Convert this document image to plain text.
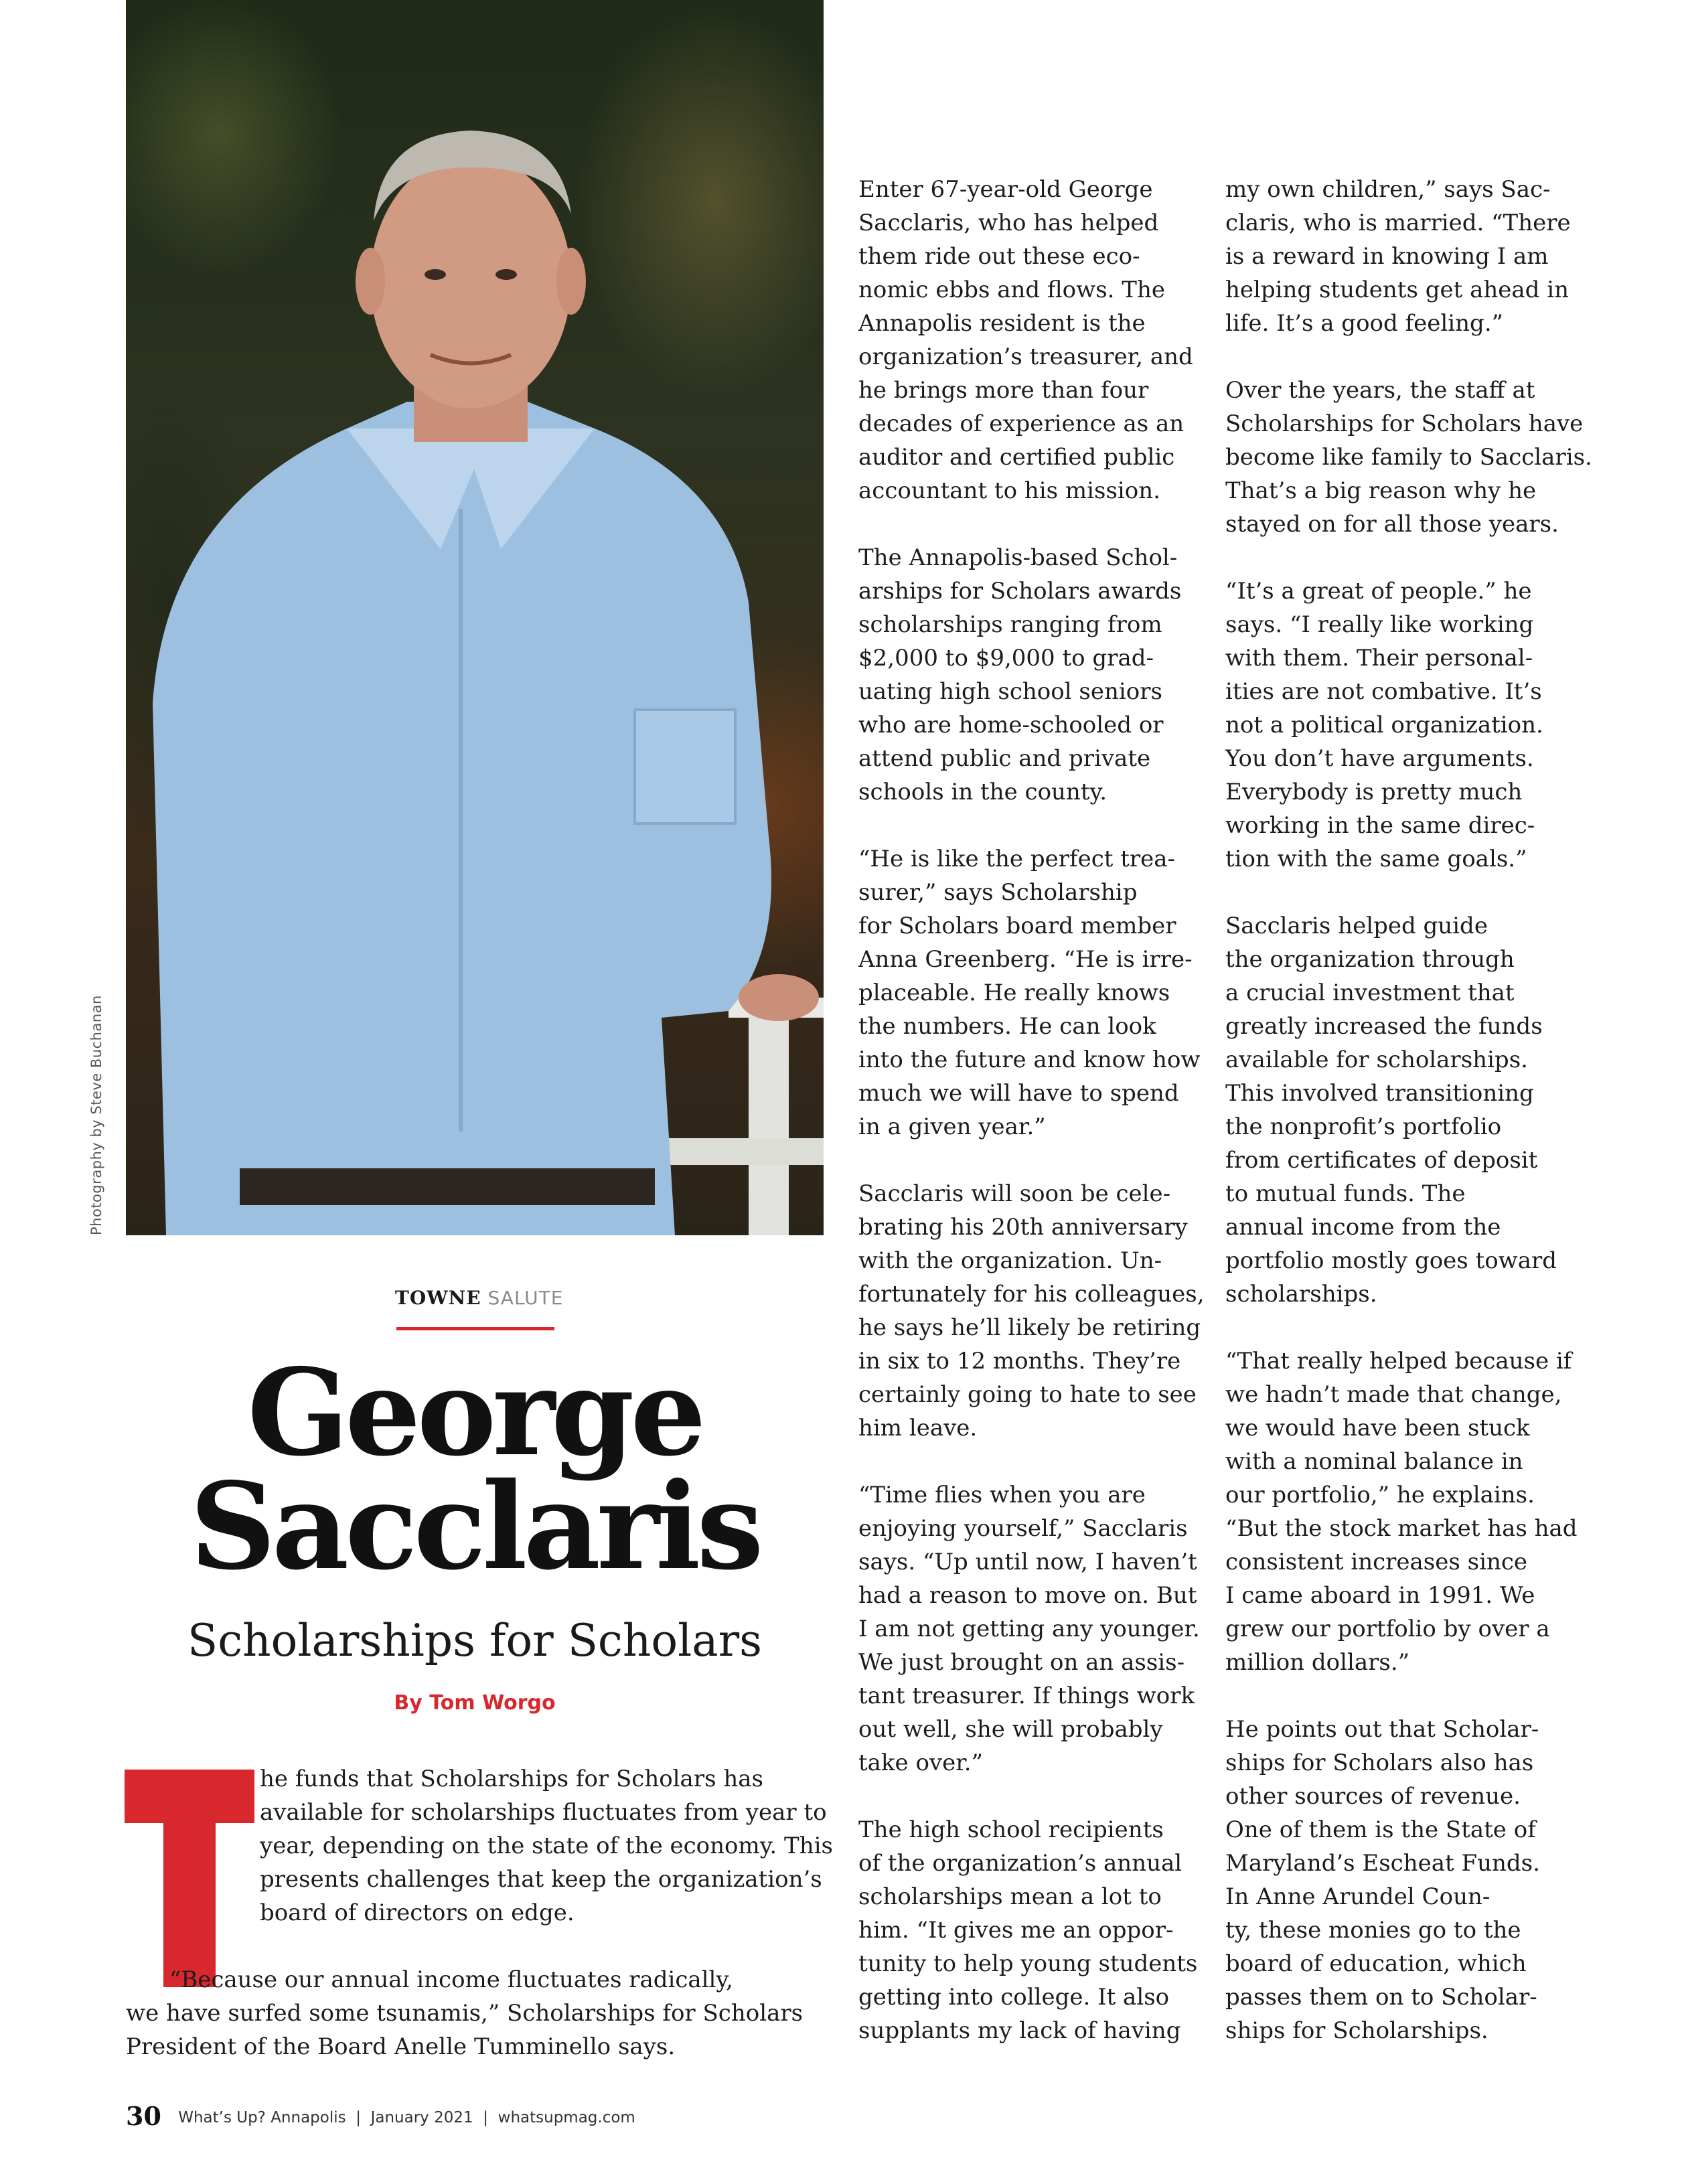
Photography by Steve Buchanan
TOWNE SALUTE
George
Sacclaris
Scholarships for Scholars
By Tom Worgo
he funds that Scholarships for Scholars has
available for scholarships fluctuates from year to
year, depending on the state of the economy. This
presents challenges that keep the organization’s
board of directors on edge.
“Because our annual income fluctuates radically,
we have surfed some tsunamis,” Scholarships for Scholars
President of the Board Anelle Tumminello says.
Enter 67-year-old George
Sacclaris, who has helped
them ride out these eco-
nomic ebbs and flows. The
Annapolis resident is the
organization’s treasurer, and
he brings more than four
decades of experience as an
auditor and certified public
accountant to his mission.
The Annapolis-based Schol-
arships for Scholars awards
scholarships ranging from
$2,000 to $9,000 to grad-
uating high school seniors
who are home-schooled or
attend public and private
schools in the county.
“He is like the perfect trea-
surer,” says Scholarship
for Scholars board member
Anna Greenberg. “He is irre-
placeable. He really knows
the numbers. He can look
into the future and know how
much we will have to spend
in a given year.”
Sacclaris will soon be cele-
brating his 20th anniversary
with the organization. Un-
fortunately for his colleagues,
he says he’ll likely be retiring
in six to 12 months. They’re
certainly going to hate to see
him leave.
“Time flies when you are
enjoying yourself,” Sacclaris
says. “Up until now, I haven’t
had a reason to move on. But
I am not getting any younger.
We just brought on an assis-
tant treasurer. If things work
out well, she will probably
take over.”
The high school recipients
of the organization’s annual
scholarships mean a lot to
him. “It gives me an oppor-
tunity to help young students
getting into college. It also
supplants my lack of having
my own children,” says Sac-
claris, who is married. “There
is a reward in knowing I am
helping students get ahead in
life. It’s a good feeling.”
Over the years, the staff at
Scholarships for Scholars have
become like family to Sacclaris.
That’s a big reason why he
stayed on for all those years.
“It’s a great of people.” he
says. “I really like working
with them. Their personal-
ities are not combative. It’s
not a political organization.
You don’t have arguments.
Everybody is pretty much
working in the same direc-
tion with the same goals.”
Sacclaris helped guide
the organization through
a crucial investment that
greatly increased the funds
available for scholarships.
This involved transitioning
the nonprofit’s portfolio
from certificates of deposit
to mutual funds. The
annual income from the
portfolio mostly goes toward
scholarships.
“That really helped because if
we hadn’t made that change,
we would have been stuck
with a nominal balance in
our portfolio,” he explains.
“But the stock market has had
consistent increases since
I came aboard in 1991. We
grew our portfolio by over a
million dollars.”
He points out that Scholar-
ships for Scholars also has
other sources of revenue.
One of them is the State of
Maryland’s Escheat Funds.
In Anne Arundel Coun-
ty, these monies go to the
board of education, which
passes them on to Scholar-
ships for Scholarships.
30 What’s Up? Annapolis  |  January 2021  |  whatsupmag.com
